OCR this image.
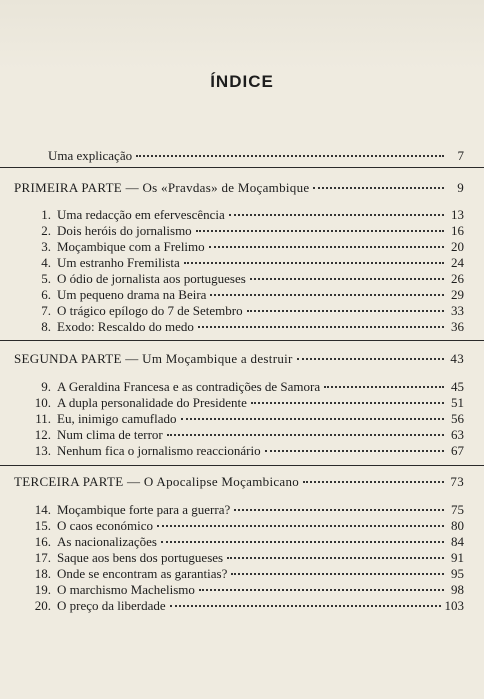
ÍNDICE
Uma explicação	7
PRIMEIRA PARTE — Os «Pravdas» de Moçambique	9
1. Uma redacção em efervescência	13
2. Dois heróis do jornalismo	16
3. Moçambique com a Frelimo	20
4. Um estranho Fremilista	24
5. O ódio de jornalista aos portugueses	26
6. Um pequeno drama na Beira	29
7. O trágico epílogo do 7 de Setembro	33
8. Exodo: Rescaldo do medo	36
SEGUNDA PARTE — Um Moçambique a destruir	43
9. A Geraldina Francesa e as contradições de Samora	45
10. A dupla personalidade do Presidente	51
11. Eu, inimigo camuflado	56
12. Num clima de terror	63
13. Nenhum fica o jornalismo reaccionário	67
TERCEIRA PARTE — O Apocalipse Moçambicano	73
14. Moçambique forte para a guerra?	75
15. O caos económico	80
16. As nacionalizações	84
17. Saque aos bens dos portugueses	91
18. Onde se encontram as garantias?	95
19. O marchismo Machelismo	98
20. O preço da liberdade	103
